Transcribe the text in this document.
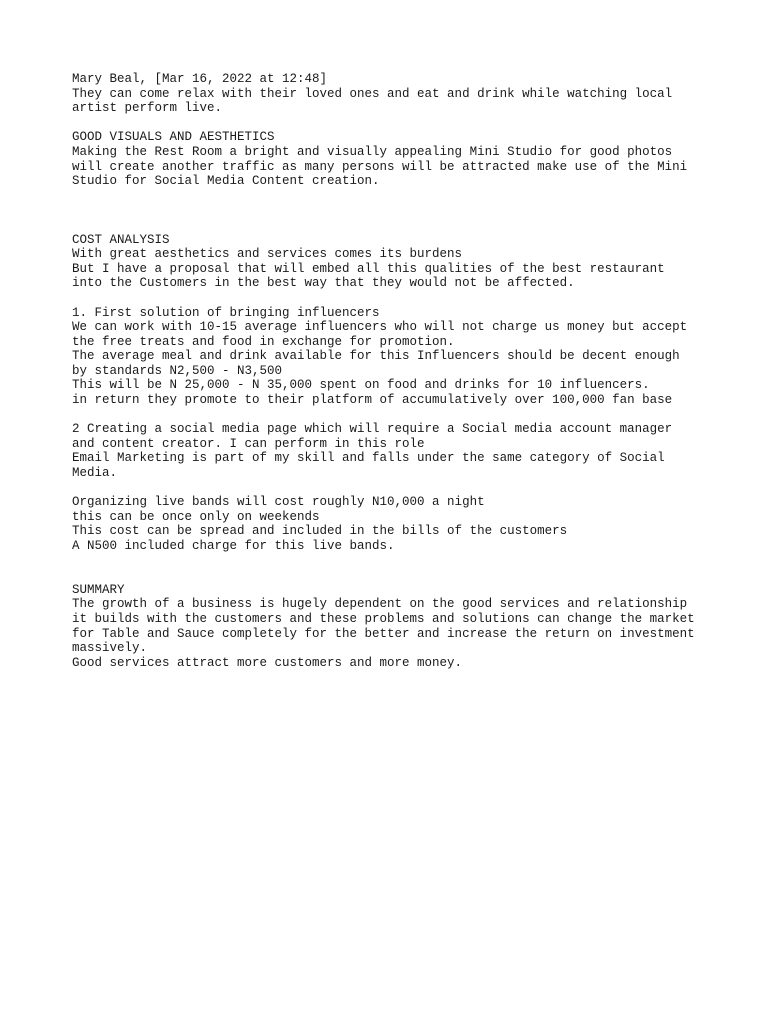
Mary Beal, [Mar 16, 2022 at 12:48]
They can come relax with their loved ones and eat and drink while watching local
artist perform live.
GOOD VISUALS AND AESTHETICS
Making the Rest Room a bright and visually appealing Mini Studio for good photos
will create another traffic as many persons will be attracted make use of the Mini
Studio for Social Media Content creation.
COST ANALYSIS
With great aesthetics and services comes its burdens
But I have a proposal that will embed all this qualities of the best restaurant
into the Customers in the best way that they would not be affected.
1. First solution of bringing influencers
We can work with 10-15 average influencers who will not charge us money but accept
the free treats and food in exchange for promotion.
The average meal and drink available for this Influencers should be decent enough
by standards N2,500 - N3,500
This will be N 25,000 - N 35,000 spent on food and drinks for 10 influencers.
in return they promote to their platform of accumulatively over 100,000 fan base
2 Creating a social media page which will require a Social media account manager
and content creator. I can perform in this role
Email Marketing is part of my skill and falls under the same category of Social
Media.
Organizing live bands will cost roughly N10,000 a night
this can be once only on weekends
This cost can be spread and included in the bills of the customers
A N500 included charge for this live bands.
SUMMARY
The growth of a business is hugely dependent on the good services and relationship
it builds with the customers and these problems and solutions can change the market
for Table and Sauce completely for the better and increase the return on investment
massively.
Good services attract more customers and more money.
